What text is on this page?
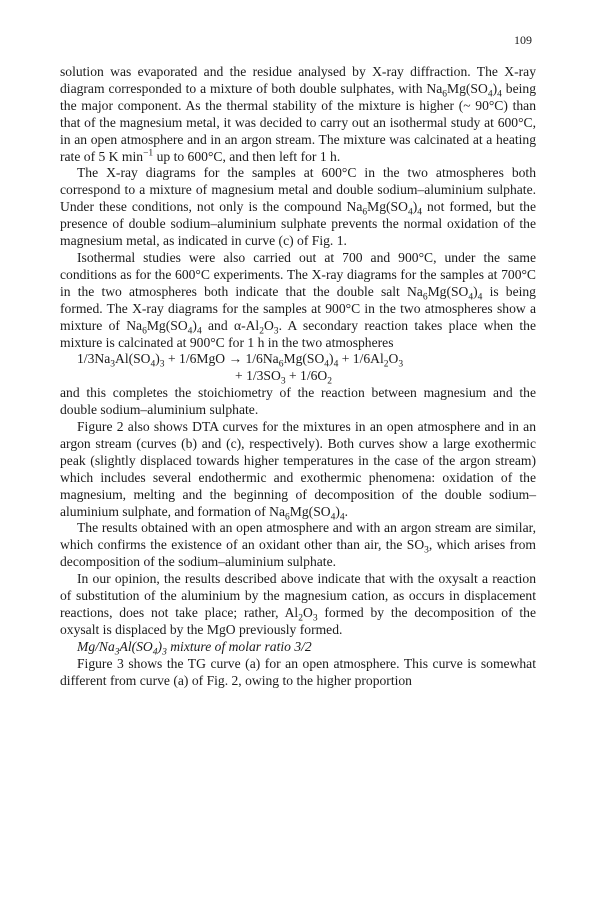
109

solution was evaporated and the residue analysed by X-ray diffraction. The X-ray diagram corresponded to a mixture of both double sulphates, with $Na_6Mg(SO_4)_4$ being the major component. As the thermal stability of the mixture is higher (~ 90°C) than that of the magnesium metal, it was decided to carry out an isothermal study at 600°C, in an open atmosphere and in an argon stream. The mixture was calcinated at a heating rate of 5 K $\min^{-1}$ up to 600°C, and then left for 1 h.

The X-ray diagrams for the samples at 600°C in the two atmospheres both correspond to a mixture of magnesium metal and double sodium–aluminium sulphate. Under these conditions, not only is the compound $Na_6Mg(SO_4)_4$ not formed, but the presence of double sodium–aluminium sulphate prevents the normal oxidation of the magnesium metal, as indicated in curve (c) of Fig. 1.

Isothermal studies were also carried out at 700 and 900°C, under the same conditions as for the 600°C experiments. The X-ray diagrams for the samples at 700°C in the two atmospheres both indicate that the double salt $Na_6Mg(SO_4)_4$ is being formed. The X-ray diagrams for the samples at 900°C in the two atmospheres show a mixture of $Na_6Mg(SO_4)_4$ and $\alpha-Al_2O_3$. A secondary reaction takes place when the mixture is calcinated at 900°C for 1 h in the two atmospheres

$1/3Na_3Al(SO_4)_3 + 1/6MgO \to 1/6Na_6Mg(SO_4)_4 + 1/6Al_2O_3$

+ $1/3SO_3 + 1/6O_2$

and this completes the stoichiometry of the reaction between magnesium and the double sodium–aluminium sulphate.

Figure 2 also shows DTA curves for the mixtures in an open atmosphere and in an argon stream (curves (b) and (c), respectively). Both curves show a large exothermic peak (slightly displaced towards higher temperatures in the case of the argon stream) which includes several endothermic and exothermic phenomena: oxidation of the magnesium, melting and the beginning of decomposition of the double sodium–aluminium sulphate, and formation of $Na_6Mg(SO_4)_4$.

The results obtained with an open atmosphere and with an argon stream are similar, which confirms the existence of an oxidant other than air, the $SO_3$, which arises from decomposition of the sodium–aluminium sulphate.

In our opinion, the results described above indicate that with the oxysalt a reaction of substitution of the aluminium by the magnesium cation, as occurs in displacement reactions, does not take place; rather, $Al_2O_3$ formed by the decomposition of the oxysalt is displaced by the MgO previously formed.

$Mg/Na_3Al(SO_4)_3$ mixture of molar ratio 3/2

Figure 3 shows the TG curve (a) for an open atmosphere. This curve is somewhat different from curve (a) of Fig. 2, owing to the higher proportion
